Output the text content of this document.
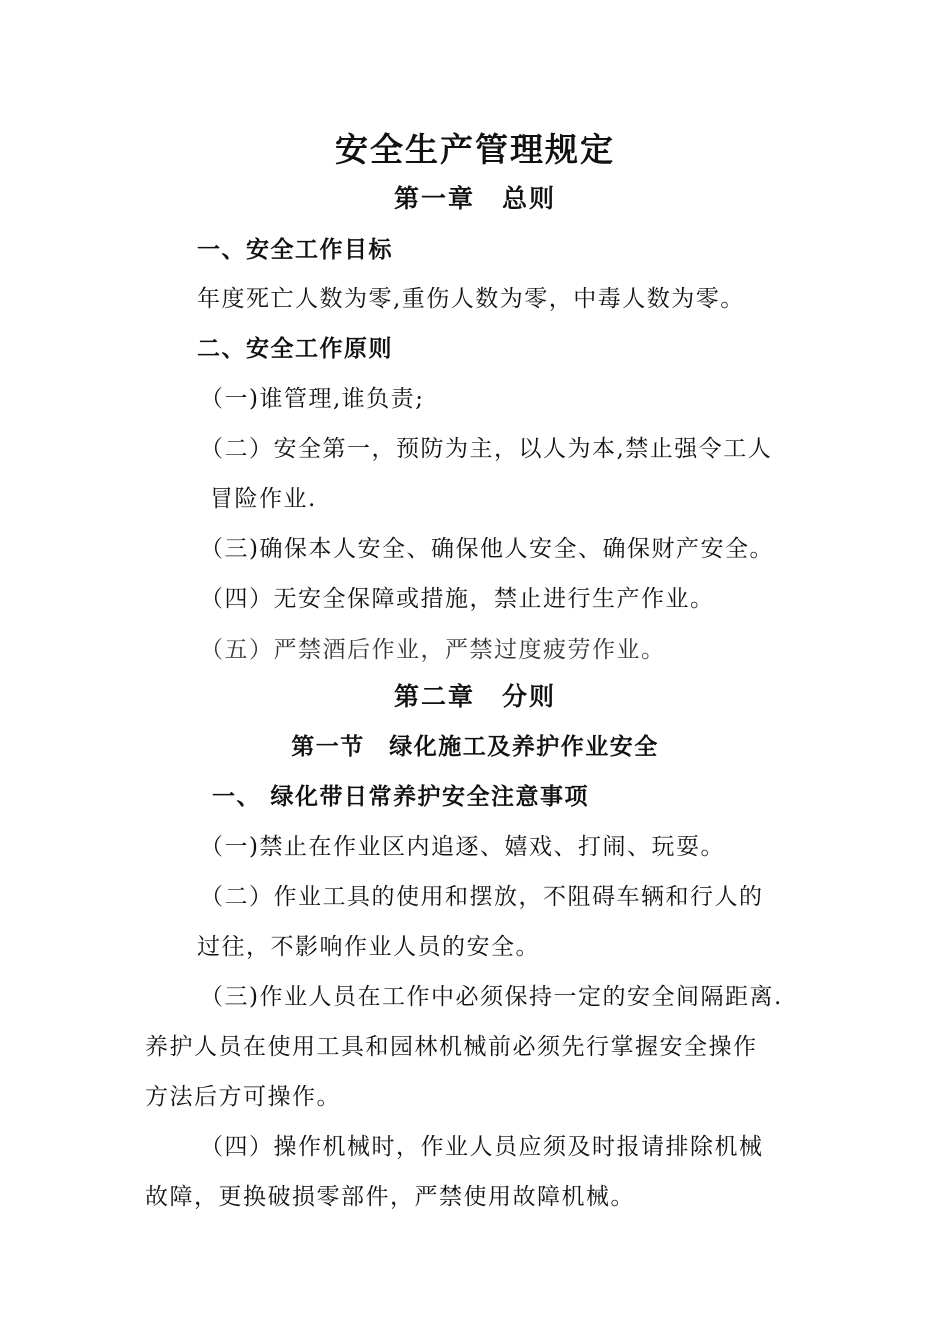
安全生产管理规定
第一章　总则
一、安全工作目标
年度死亡人数为零,重伤人数为零，中毒人数为零。
二、安全工作原则
（一)谁管理,谁负责;
（二）安全第一，预防为主，以人为本,禁止强令工人
冒险作业.
（三)确保本人安全、确保他人安全、确保财产安全。
（四）无安全保障或措施，禁止进行生产作业。
（五）严禁酒后作业，严禁过度疲劳作业。
第二章　分则
第一节　绿化施工及养护作业安全
一、 绿化带日常养护安全注意事项
（一)禁止在作业区内追逐、嬉戏、打闹、玩耍。
（二）作业工具的使用和摆放，不阻碍车辆和行人的
过往，不影响作业人员的安全。
（三)作业人员在工作中必须保持一定的安全间隔距离.
养护人员在使用工具和园林机械前必须先行掌握安全操作
方法后方可操作。
（四）操作机械时，作业人员应须及时报请排除机械
故障，更换破损零部件，严禁使用故障机械。
